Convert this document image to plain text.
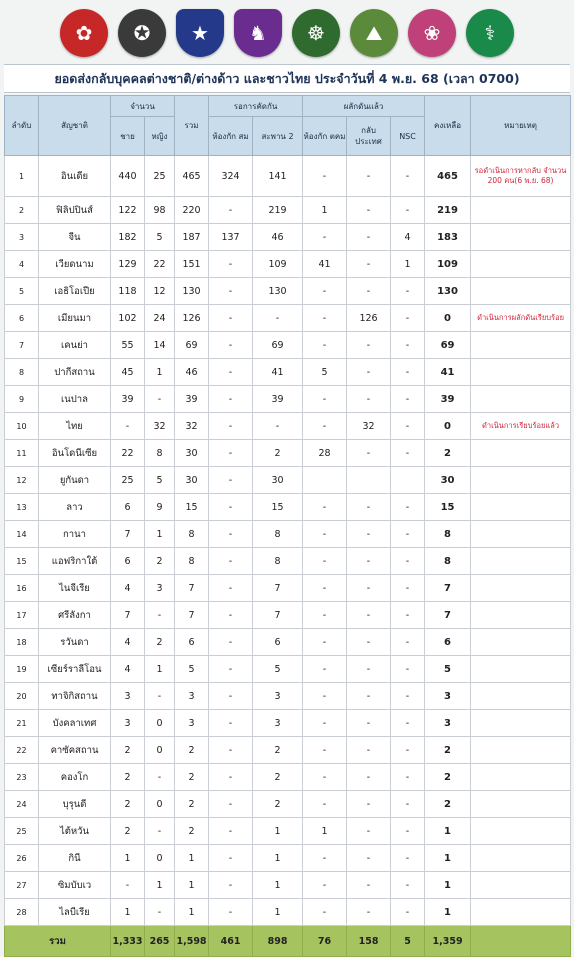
✿	✪	★	♞	☸	⛰	❀	⚕
ยอดส่งกลับบุคคลต่างชาติ/ต่างด้าว และชาวไทย ประจำวันที่ 4 พ.ย. 68 (เวลา 0700)
ลำดับ	สัญชาติ	จำนวน		รวม	รอการคัดกัน		ผลักดันแล้ว			คงเหลือ	หมายเหตุ
		ชาย	หญิง		ห้องกัก สม	สะพาน 2	ห้องกัก ตคม	กลับ ประเทศ	NSC		
1	อินเดีย	440	25	465	324	141	-	-	-	465	รอดำเนินการหากลับ จำนวน 200 คน(6 พ.ย. 68)
2	ฟิลิปปินส์	122	98	220	-	219	1	-	-	219	
3	จีน	182	5	187	137	46	-	-	4	183	
4	เวียดนาม	129	22	151	-	109	41	-	1	109	
5	เอธิโอเปีย	118	12	130	-	130	-	-	-	130	
6	เมียนมา	102	24	126	-	-	-	126	-	0	ดำเนินการผลักดันเรียบร้อย
7	เคนย่า	55	14	69	-	69	-	-	-	69	
8	ปากีสถาน	45	1	46	-	41	5	-	-	41	
9	เนปาล	39	-	39	-	39	-	-	-	39	
10	ไทย	-	32	32	-	-	-	32	-	0	ดำเนินการเรียบร้อยแล้ว
11	อินโดนีเซีย	22	8	30	-	2	28	-	-	2	
12	ยูกันดา	25	5	30	-	30				30	
13	ลาว	6	9	15	-	15	-	-	-	15	
14	กานา	7	1	8	-	8	-	-	-	8	
15	แอฟริกาใต้	6	2	8	-	8	-	-	-	8	
16	ไนจีเรีย	4	3	7	-	7	-	-	-	7	
17	ศรีลังกา	7	-	7	-	7	-	-	-	7	
18	รวันดา	4	2	6	-	6	-	-	-	6	
19	เซียร์ราลีโอน	4	1	5	-	5	-	-	-	5	
20	ทาจิกิสถาน	3	-	3	-	3	-	-	-	3	
21	บังคลาเทศ	3	0	3	-	3	-	-	-	3	
22	คาซัคสถาน	2	0	2	-	2	-	-	-	2	
23	คองโก	2	-	2	-	2	-	-	-	2	
24	บุรุนดี	2	0	2	-	2	-	-	-	2	
25	ไต้หวัน	2	-	2	-	1	1	-	-	1	
26	กินี	1	0	1	-	1	-	-	-	1	
27	ซิมบับเว	-	1	1	-	1	-	-	-	1	
28	ไลบีเรีย	1	-	1	-	1	-	-	-	1	
รวม		1,333	265	1,598	461	898	76	158	5	1,359	
